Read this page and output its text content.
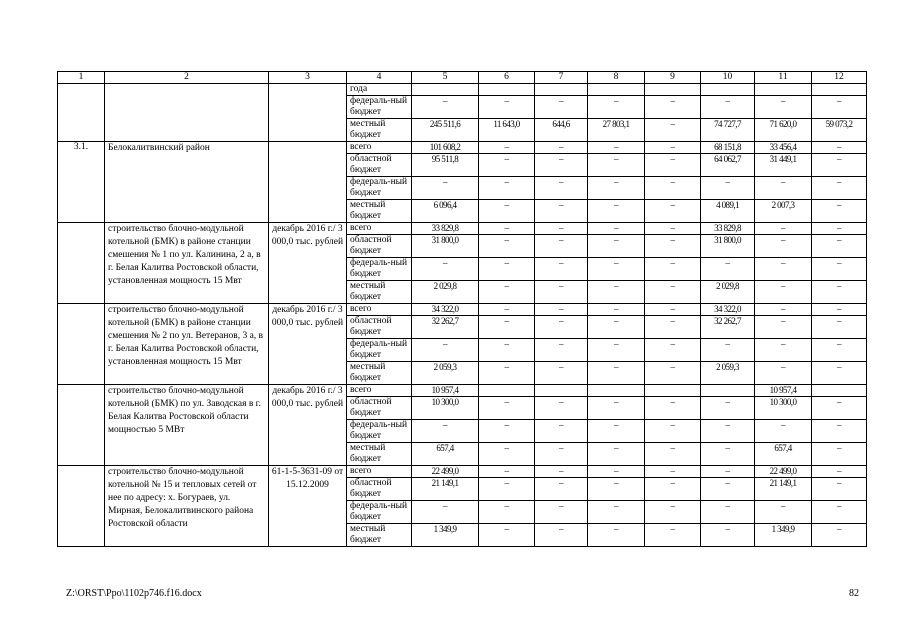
1	2	3	4	5	6	7	8	9	10	11	12
			года								
			федераль-ный бюджет	–	–	–	–	–	–	–	–
			местный бюджет	245 511,6	11 643,0	644,6	27 803,1	–	74 727,7	71 620,0	59 073,2
3.1.	Белокалитвинский район		всего	101 608,2	–	–	–	–	68 151,8	33 456,4	–
			областной бюджет	95 511,8	–	–	–	–	64 062,7	31 449,1	–
			федераль-ный бюджет	–	–	–	–	–	–	–	–
			местный бюджет	6 096,4	–	–	–	–	4 089,1	2 007,3	–
	строительство блочно-модульной котельной (БМК) в районе станции смешения № 1 по ул. Калинина, 2 а, в г. Белая Калитва Ростовской области, установленная мощность 15 Мвт	декабрь 2016 г./ 3 000,0 тыс. рублей	всего	33 829,8	–	–	–	–	33 829,8	–	–
			областной бюджет	31 800,0	–	–	–	–	31 800,0	–	–
			федераль-ный бюджет	–	–	–	–	–	–	–	–
			местный бюджет	2 029,8	–	–	–	–	2 029,8	–	–
	строительство блочно-модульной котельной (БМК) в районе станции смешения № 2 по ул. Ветеранов, 3 а, в г. Белая Калитва Ростовской области, установленная мощность 15 Мвт	декабрь 2016 г./ 3 000,0 тыс. рублей	всего	34 322,0	–	–	–	–	34 322,0	–	–
			областной бюджет	32 262,7	–	–	–	–	32 262,7	–	–
			федераль-ный бюджет	–	–	–	–	–	–	–	–
			местный бюджет	2 059,3	–	–	–	–	2 059,3	–	–
	строительство блочно-модульной котельной (БМК) по ул. Заводская в г. Белая Калитва Ростовской области мощностью 5 МВт	декабрь 2016 г./ 3 000,0 тыс. рублей	всего	10 957,4						10 957,4	
			областной бюджет	10 300,0	–	–	–	–	–	10 300,0	–
			федераль-ный бюджет	–	–	–	–	–	–	–	–
			местный бюджет	657,4	–	–	–	–	–	657,4	–
	строительство блочно-модульной котельной № 15 и тепловых сетей от нее по адресу: х. Богураев, ул. Мирная, Белокалитвинского района Ростовской области	61-1-5-3631-09 от 15.12.2009	всего	22 499,0	–	–	–	–	–	22 499,0	–
			областной бюджет	21 149,1	–	–	–	–	–	21 149,1	–
			федераль-ный бюджет	–	–	–	–	–	–	–	–
			местный бюджет	1 349,9	–	–	–	–	–	1 349,9	–
Z:\ORST\Ppo\1102p746.f16.docx	82
